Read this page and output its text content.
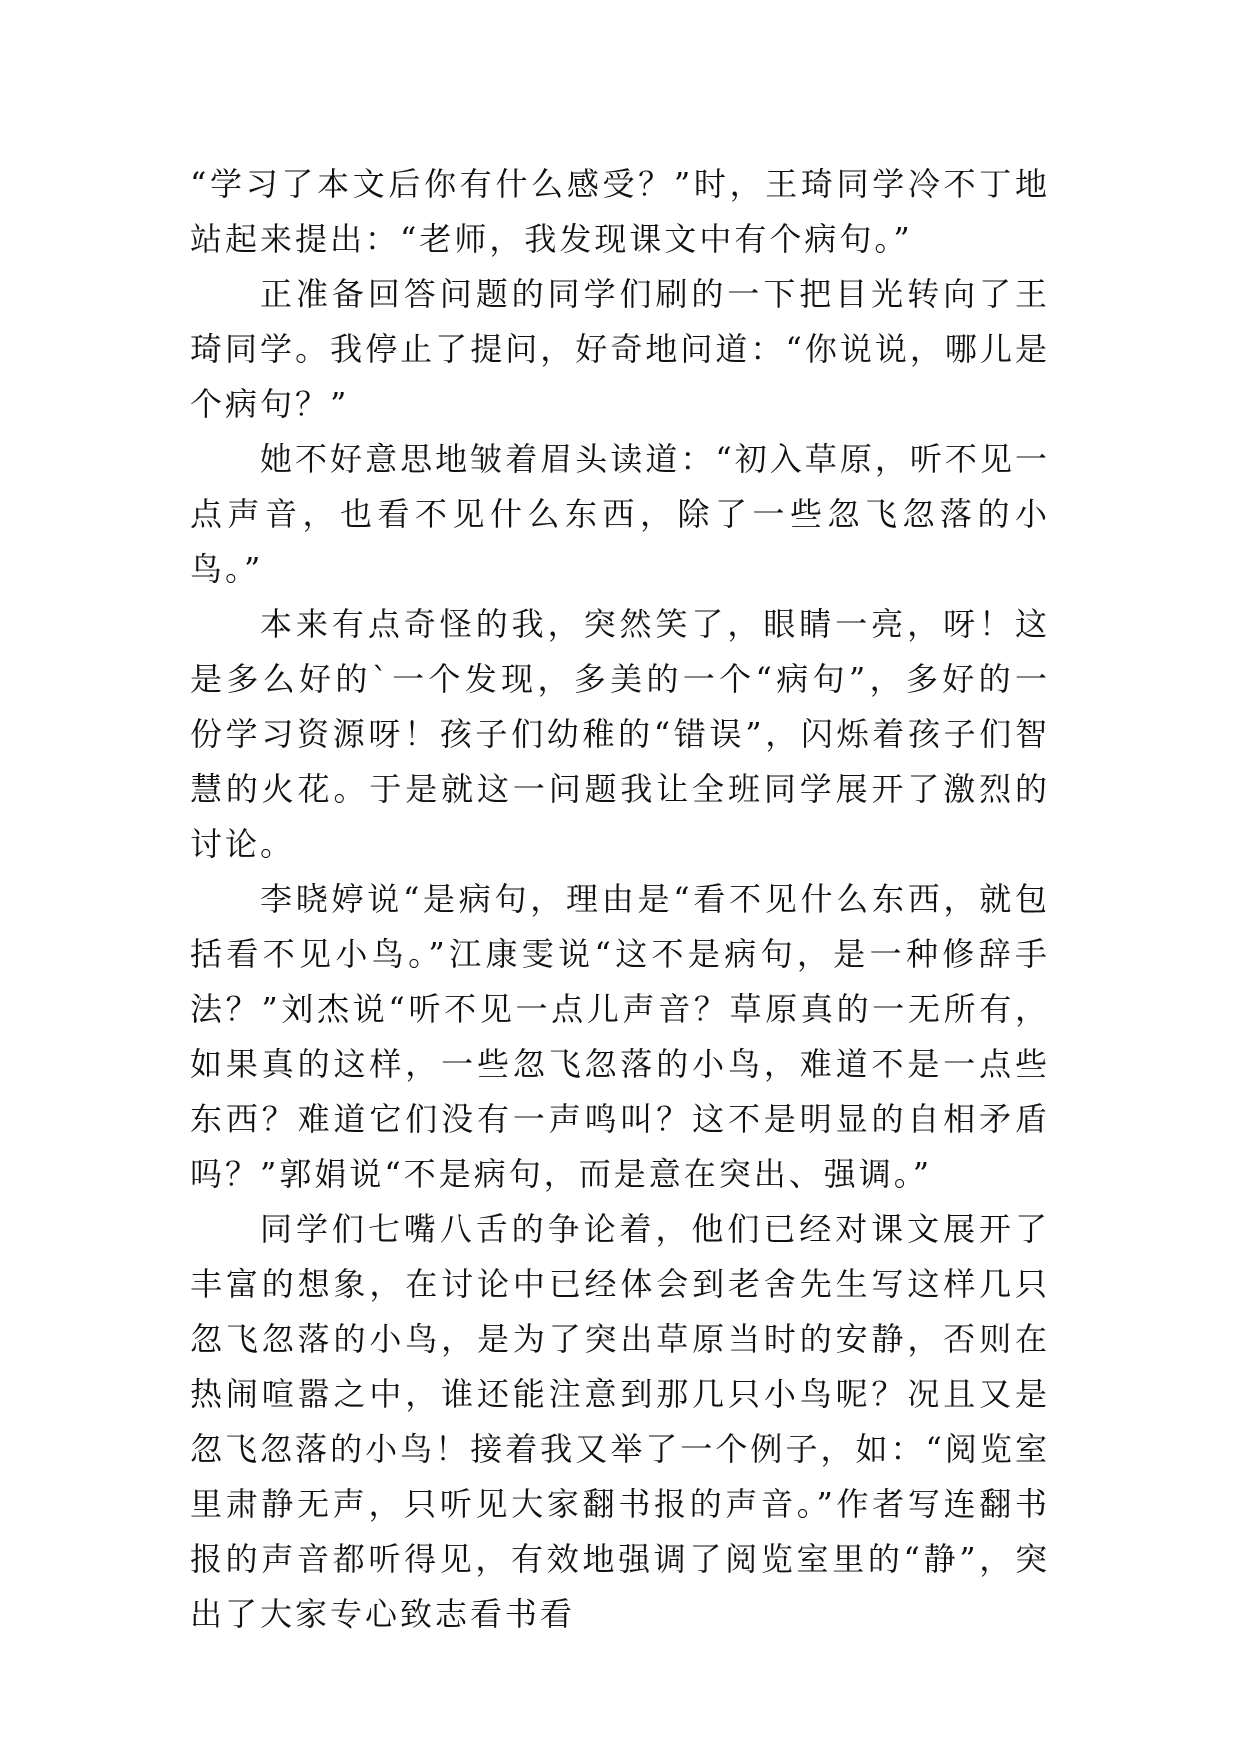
“学习了本文后你有什么感受？”时，王琦同学冷不丁地站起来提出：“老师，我发现课文中有个病句。”

正准备回答问题的同学们刷的一下把目光转向了王琦同学。我停止了提问，好奇地问道：“你说说，哪儿是个病句？”

她不好意思地皱着眉头读道：“初入草原，听不见一点声音，也看不见什么东西，除了一些忽飞忽落的小鸟。”

本来有点奇怪的我，突然笑了，眼睛一亮，呀！这是多么好的`一个发现，多美的一个“病句”，多好的一份学习资源呀！孩子们幼稚的“错误”，闪烁着孩子们智慧的火花。于是就这一问题我让全班同学展开了激烈的讨论。

李晓婷说“是病句，理由是“看不见什么东西，就包括看不见小鸟。”江康雯说“这不是病句，是一种修辞手法？”刘杰说“听不见一点儿声音？草原真的一无所有，如果真的这样，一些忽飞忽落的小鸟，难道不是一点些东西？难道它们没有一声鸣叫？这不是明显的自相矛盾吗？”郭娟说“不是病句，而是意在突出、强调。”

同学们七嘴八舌的争论着，他们已经对课文展开了丰富的想象，在讨论中已经体会到老舍先生写这样几只忽飞忽落的小鸟，是为了突出草原当时的安静，否则在热闹喧嚣之中，谁还能注意到那几只小鸟呢？况且又是忽飞忽落的小鸟！接着我又举了一个例子，如：“阅览室里肃静无声，只听见大家翻书报的声音。”作者写连翻书报的声音都听得见，有效地强调了阅览室里的“静”，突出了大家专心致志看书看
